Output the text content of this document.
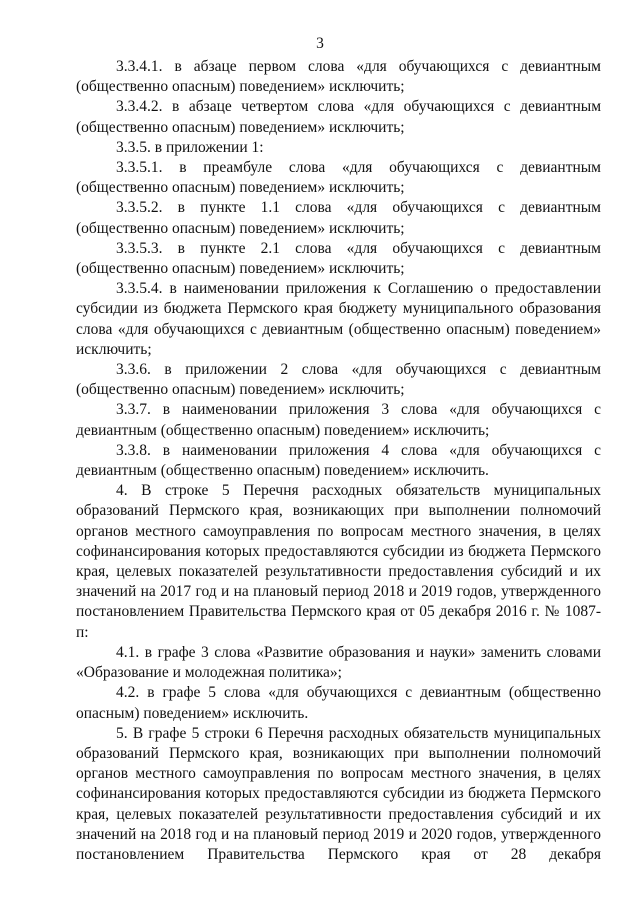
3

3.3.4.1. в абзаце первом слова «для обучающихся с девиантным (общественно опасным) поведением» исключить;

3.3.4.2. в абзаце четвертом слова «для обучающихся с девиантным (общественно опасным) поведением» исключить;

3.3.5. в приложении 1:

3.3.5.1. в преамбуле слова «для обучающихся с девиантным (общественно опасным) поведением» исключить;

3.3.5.2. в пункте 1.1 слова «для обучающихся с девиантным (общественно опасным) поведением» исключить;

3.3.5.3. в пункте 2.1 слова «для обучающихся с девиантным (общественно опасным) поведением» исключить;

3.3.5.4. в наименовании приложения к Соглашению о предоставлении субсидии из бюджета Пермского края бюджету муниципального образования слова «для обучающихся с девиантным (общественно опасным) поведением» исключить;

3.3.6. в приложении 2 слова «для обучающихся с девиантным (общественно опасным) поведением» исключить;

3.3.7. в наименовании приложения 3 слова «для обучающихся с девиантным (общественно опасным) поведением» исключить;

3.3.8. в наименовании приложения 4 слова «для обучающихся с девиантным (общественно опасным) поведением» исключить.

4. В строке 5 Перечня расходных обязательств муниципальных образований Пермского края, возникающих при выполнении полномочий органов местного самоуправления по вопросам местного значения, в целях софинансирования которых предоставляются субсидии из бюджета Пермского края, целевых показателей результативности предоставления субсидий и их значений на 2017 год и на плановый период 2018 и 2019 годов, утвержденного постановлением Правительства Пермского края от 05 декабря 2016 г. № 1087-п:

4.1. в графе 3 слова «Развитие образования и науки» заменить словами «Образование и молодежная политика»;

4.2. в графе 5 слова «для обучающихся с девиантным (общественно опасным) поведением» исключить.

5. В графе 5 строки 6 Перечня расходных обязательств муниципальных образований Пермского края, возникающих при выполнении полномочий органов местного самоуправления по вопросам местного значения, в целях софинансирования которых предоставляются субсидии из бюджета Пермского края, целевых показателей результативности предоставления субсидий и их значений на 2018 год и на плановый период 2019 и 2020 годов, утвержденного постановлением Правительства Пермского края от 28 декабря
